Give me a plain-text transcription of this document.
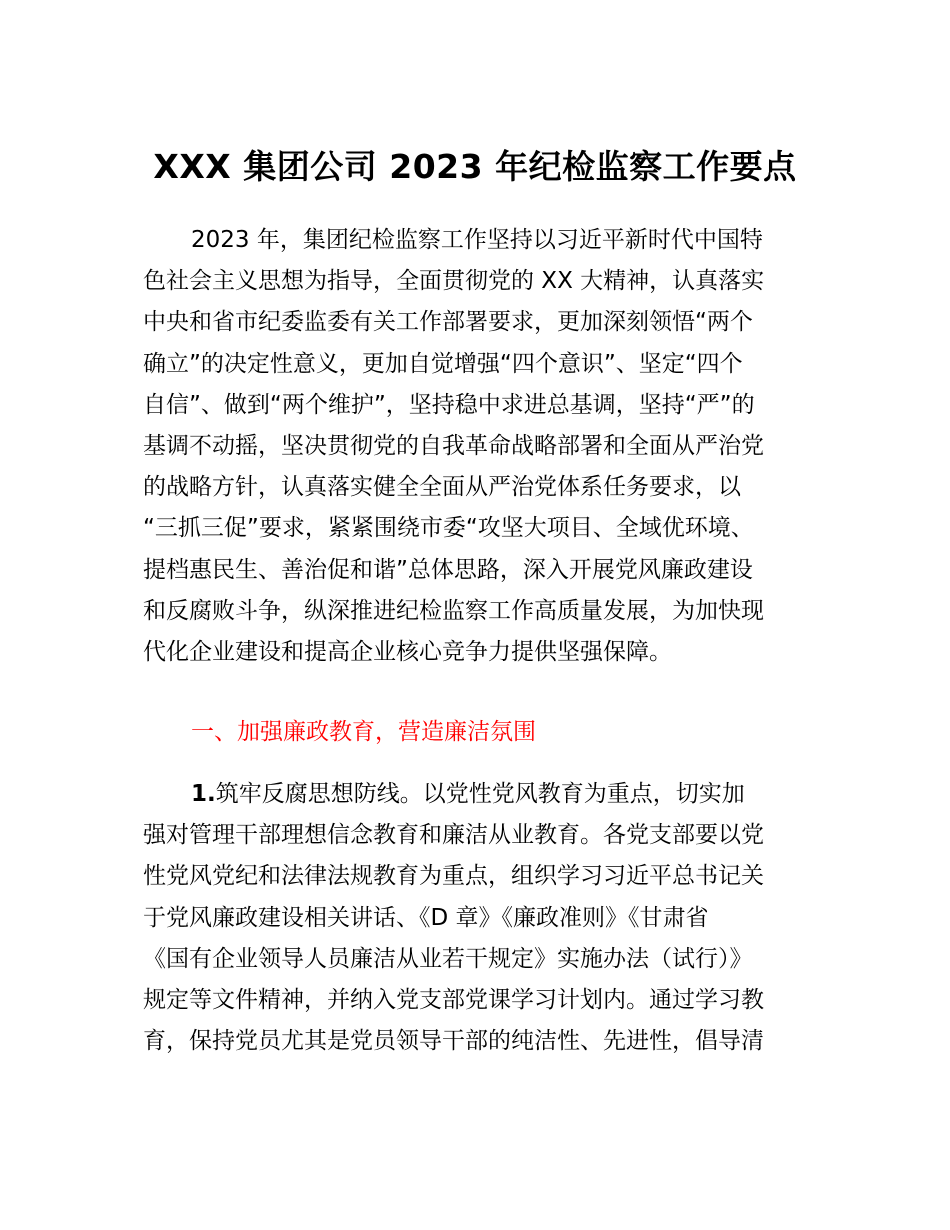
XXX 集团公司 2023 年纪检监察工作要点
2023 年，集团纪检监察工作坚持以习近平新时代中国特
色社会主义思想为指导，全面贯彻党的 XX 大精神，认真落实
中央和省市纪委监委有关工作部署要求，更加深刻领悟“两个
确立”的决定性意义，更加自觉增强“四个意识”、坚定“四个
自信”、做到“两个维护”，坚持稳中求进总基调，坚持“严”的
基调不动摇，坚决贯彻党的自我革命战略部署和全面从严治党
的战略方针，认真落实健全全面从严治党体系任务要求，以
“三抓三促”要求，紧紧围绕市委“攻坚大项目、全域优环境、
提档惠民生、善治促和谐”总体思路，深入开展党风廉政建设
和反腐败斗争，纵深推进纪检监察工作高质量发展，为加快现
代化企业建设和提高企业核心竞争力提供坚强保障。
一、加强廉政教育，营造廉洁氛围
1.筑牢反腐思想防线。以党性党风教育为重点，切实加
强对管理干部理想信念教育和廉洁从业教育。各党支部要以党
性党风党纪和法律法规教育为重点，组织学习习近平总书记关
于党风廉政建设相关讲话、《D 章》《廉政准则》《甘肃省
《国有企业领导人员廉洁从业若干规定》实施办法（试行）》
规定等文件精神，并纳入党支部党课学习计划内。通过学习教
育，保持党员尤其是党员领导干部的纯洁性、先进性，倡导清
